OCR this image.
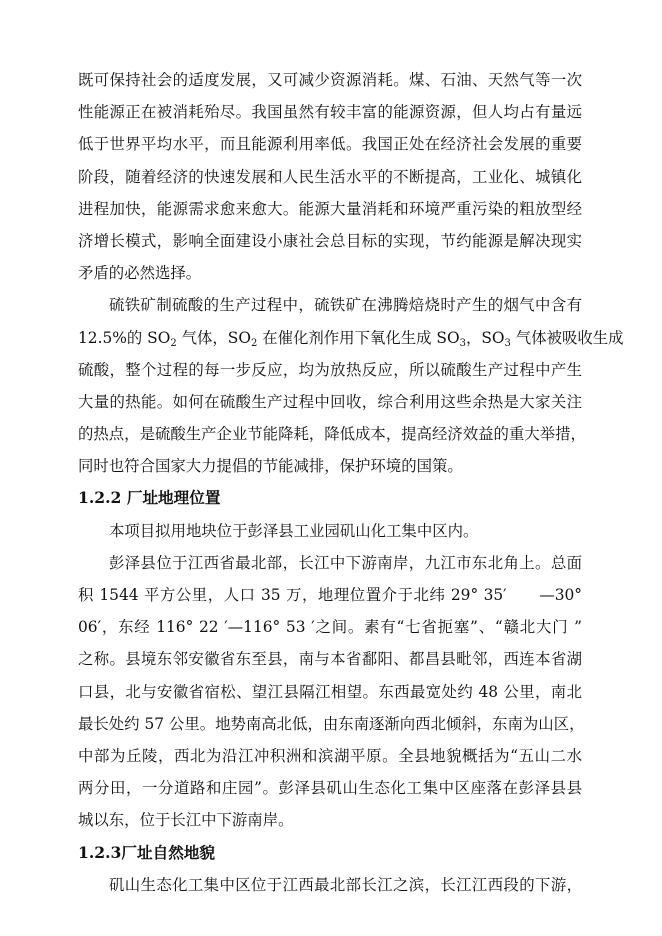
既可保持社会的适度发展，又可减少资源消耗。煤、石油、天然气等一次
性能源正在被消耗殆尽。我国虽然有较丰富的能源资源，但人均占有量远
低于世界平均水平，而且能源利用率低。我国正处在经济社会发展的重要
阶段，随着经济的快速发展和人民生活水平的不断提高，工业化、城镇化
进程加快，能源需求愈来愈大。能源大量消耗和环境严重污染的粗放型经
济增长模式，影响全面建设小康社会总目标的实现，节约能源是解决现实
矛盾的必然选择。
硫铁矿制硫酸的生产过程中，硫铁矿在沸腾焙烧时产生的烟气中含有
12.5%的 $SO_2$ 气体，$SO_2$ 在催化剂作用下氧化生成 $SO_3$，$SO_3$ 气体被吸收生成
硫酸，整个过程的每一步反应，均为放热反应，所以硫酸生产过程中产生
大量的热能。如何在硫酸生产过程中回收，综合利用这些余热是大家关注
的热点，是硫酸生产企业节能降耗，降低成本，提高经济效益的重大举措，
同时也符合国家大力提倡的节能减排，保护环境的国策。
1.2.2 厂址地理位置
本项目拟用地块位于彭泽县工业园矶山化工集中区内。
彭泽县位于江西省最北部，长江中下游南岸，九江市东北角上。总面
积 1544 平方公里，人口 35 万，地理位置介于北纬 29° 35′      —30°
06′，东经 116° 22 ′—116° 53 ′之间。素有“七省扼塞”、“赣北大门 ”
之称。县境东邻安徽省东至县，南与本省鄱阳、都昌县毗邻，西连本省湖
口县，北与安徽省宿松、望江县隔江相望。东西最宽处约 48 公里，南北
最长处约 57 公里。地势南高北低，由东南逐渐向西北倾斜，东南为山区，
中部为丘陵，西北为沿江冲积洲和滨湖平原。全县地貌概括为“五山二水
两分田，一分道路和庄园”。彭泽县矶山生态化工集中区座落在彭泽县县
城以东，位于长江中下游南岸。
1.2.3厂址自然地貌
矶山生态化工集中区位于江西最北部长江之滨，长江江西段的下游，
